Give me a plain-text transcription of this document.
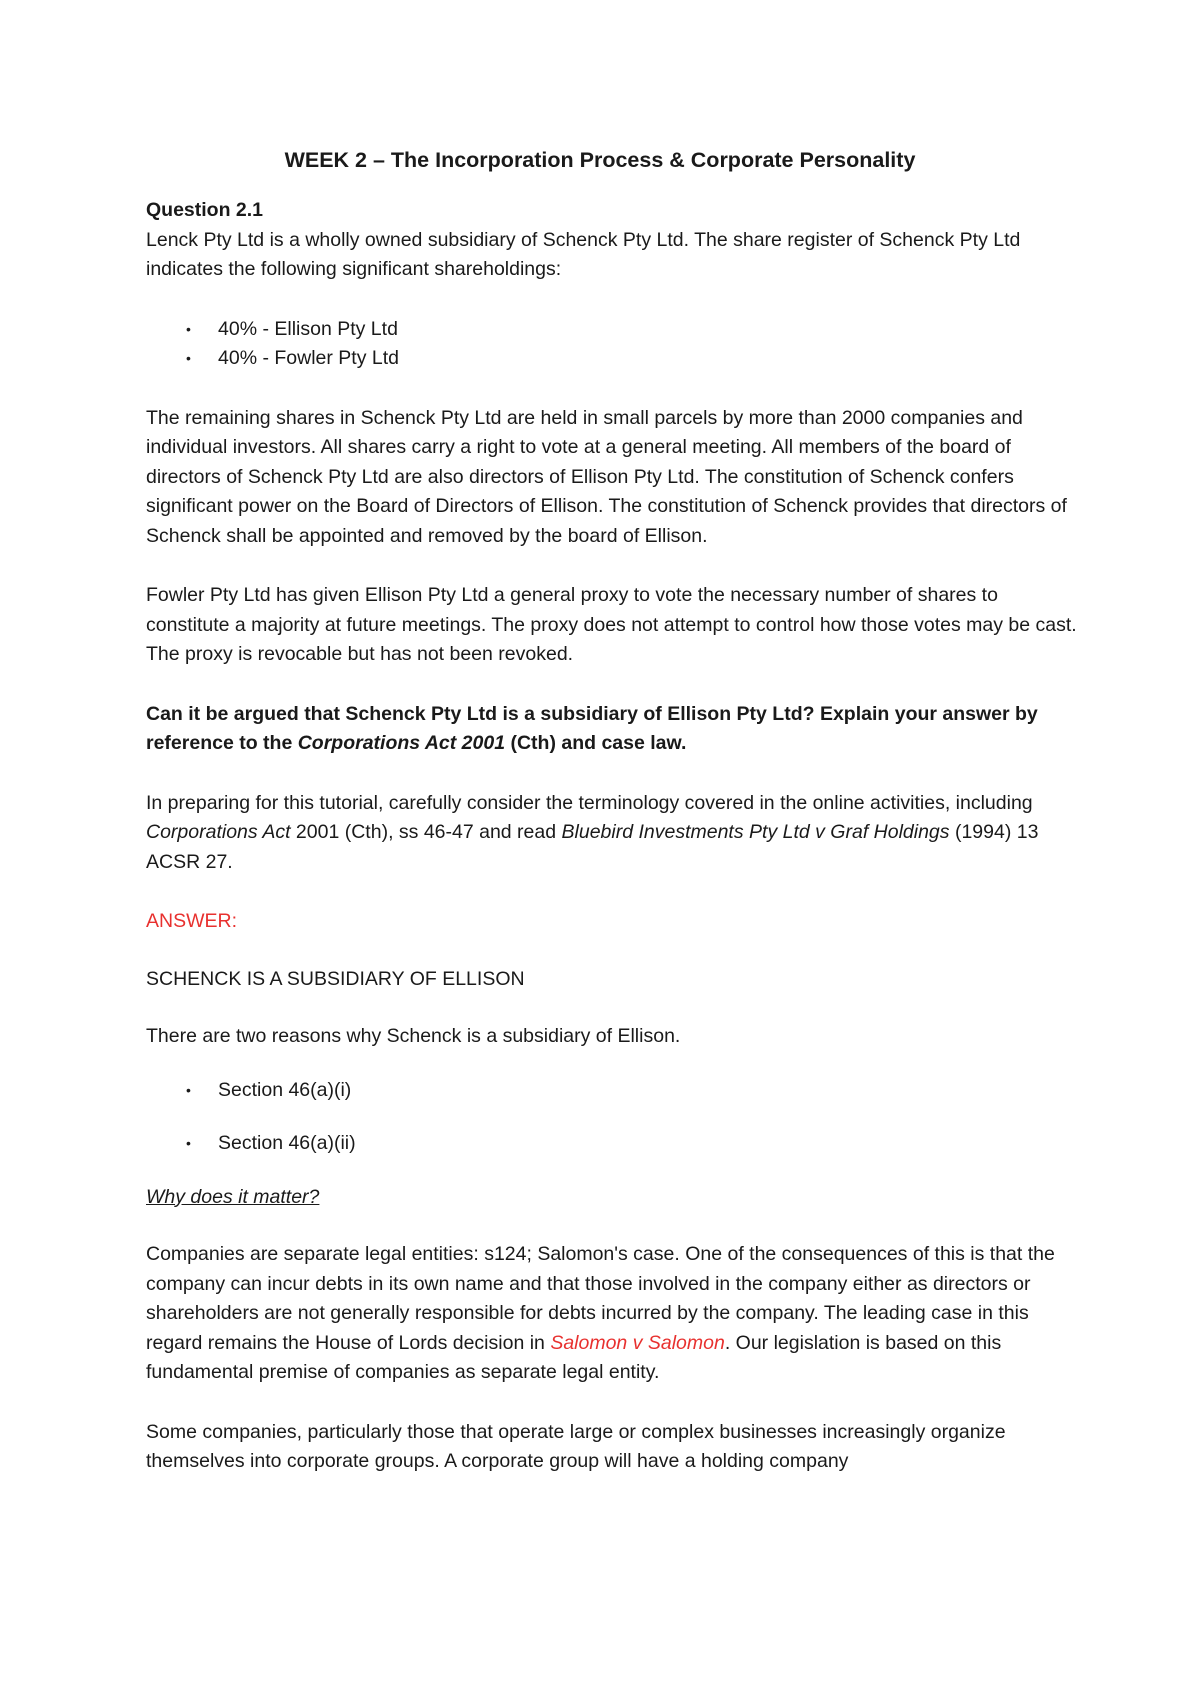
WEEK 2 – The Incorporation Process & Corporate Personality

Question 2.1

Lenck Pty Ltd is a wholly owned subsidiary of Schenck Pty Ltd. The share register of Schenck Pty Ltd indicates the following significant shareholdings:

• 40% - Ellison Pty Ltd
• 40% - Fowler Pty Ltd

The remaining shares in Schenck Pty Ltd are held in small parcels by more than 2000 companies and individual investors. All shares carry a right to vote at a general meeting. All members of the board of directors of Schenck Pty Ltd are also directors of Ellison Pty Ltd. The constitution of Schenck confers significant power on the Board of Directors of Ellison. The constitution of Schenck provides that directors of Schenck shall be appointed and removed by the board of Ellison.

Fowler Pty Ltd has given Ellison Pty Ltd a general proxy to vote the necessary number of shares to constitute a majority at future meetings. The proxy does not attempt to control how those votes may be cast. The proxy is revocable but has not been revoked.

Can it be argued that Schenck Pty Ltd is a subsidiary of Ellison Pty Ltd? Explain your answer by reference to the Corporations Act 2001 (Cth) and case law.

In preparing for this tutorial, carefully consider the terminology covered in the online activities, including Corporations Act 2001 (Cth), ss 46-47 and read Bluebird Investments Pty Ltd v Graf Holdings (1994) 13 ACSR 27.

ANSWER:

SCHENCK IS A SUBSIDIARY OF ELLISON

There are two reasons why Schenck is a subsidiary of Ellison.

• Section 46(a)(i)
• Section 46(a)(ii)

Why does it matter?

Companies are separate legal entities: s124; Salomon's case. One of the consequences of this is that the company can incur debts in its own name and that those involved in the company either as directors or shareholders are not generally responsible for debts incurred by the company. The leading case in this regard remains the House of Lords decision in Salomon v Salomon. Our legislation is based on this fundamental premise of companies as separate legal entity.

Some companies, particularly those that operate large or complex businesses increasingly organize themselves into corporate groups. A corporate group will have a holding company
